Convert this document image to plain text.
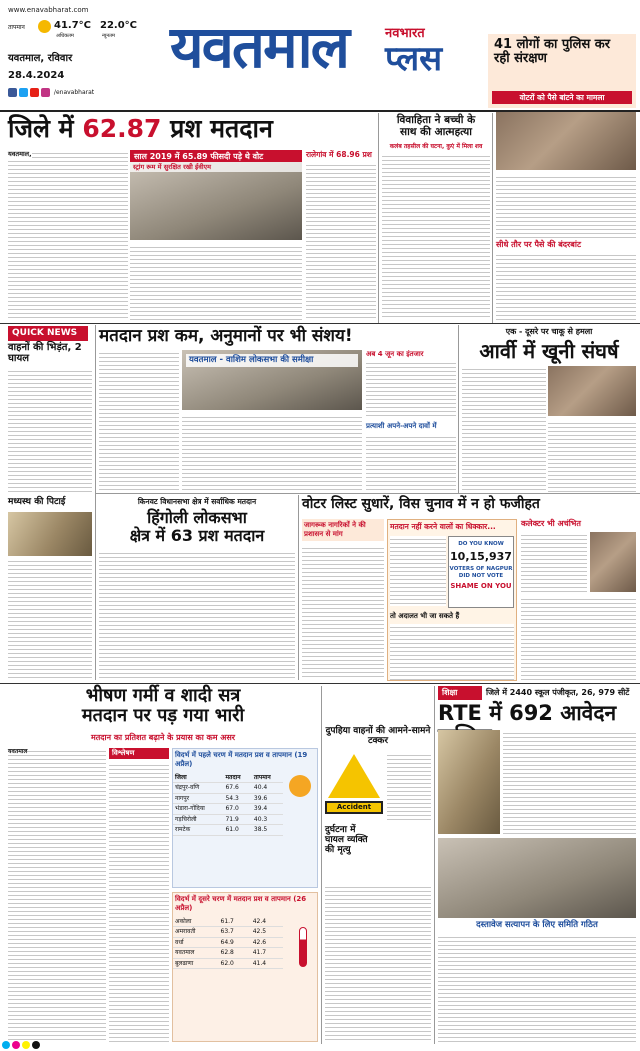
www.enavabharat.com
तापमान	41.7°C
अधिकतम
22.0°C
न्यूनतम
यवतमाल, रविवार
28.4.2024
/enavabharat
यवतमाल	नवभारत
प्लस	41 लोगों का पुलिस कर रही संरक्षण
वोटरों को पैसे बांटने का मामला
जिले में 62.87 प्रश मतदान
यवतमाल,	साल 2019 में 65.89 फीसदी पड़े थे वोट
स्ट्रांग रूम में सुरक्षित रखी ईवीएम
रालेगांव में 68.96 प्रश
विवाहिता ने बच्ची के
साथ की आत्महत्या
कलंब तहसील की घटना, कुएं में मिला शव
सीधे तौर पर पैसे की बंदरबांट
QUICK NEWS
वाहनों की भिड़ंत, 2 घायल
मध्यस्थ की पिटाई
मतदान प्रश कम, अनुमानों पर भी संशय!
यवतमाल - वाशिम लोकसभा की समीक्षा
अब 4 जून का इंतजार
प्रत्याशी अपने-अपने दावों में
एक - दूसरे पर चाकू से हमला
आर्वी में खूनी संघर्ष
किनवट विधानसभा क्षेत्र में सर्वाधिक मतदान
हिंगोली लोकसभा
क्षेत्र में 63 प्रश मतदान
वोटर लिस्ट सुधारें, विस चुनाव में न हो फजीहत
जागरूक नागरिकों ने की प्रशासन से मांग
मतदान नहीं करने वालों का धिक्कार...
DO YOU KNOW
10,15,937
VOTERS OF NAGPUR
DID NOT VOTE
SHAME ON YOU
तो अदालत भी जा सकते हैं
कलेक्टर भी अचंभित
भीषण गर्मी व शादी सत्र
मतदान पर पड़ गया भारी
मतदान का प्रतिशत बढ़ाने के प्रयास का कम असर
यवतमाल	विश्लेषण	विदर्भ में पहले चरण में मतदान प्रश व तापमान (19 अप्रैल)
जिला	मतदान	तापमान
चंद्रपुर-वणि	67.6	40.4
नागपुर	54.3	39.6
भंडारा-गोंदिया	67.0	39.4
गड़चिरोली	71.9	40.3
रामटेक	61.0	38.5
विदर्भ में दूसरे चरण में मतदान प्रश व तापमान (26 अप्रैल)
अकोला	61.7	42.4
अमरावती	63.7	42.5
वर्धा	64.9	42.6
यवतमाल	62.8	41.7
बुलढाणा	62.0	41.4
दुपहिया वाहनों की आमने-सामने टक्कर
Accident
दुर्घटना में घायल व्यक्ति की मृत्यु
शिक्षा	जिले में 2440 स्कूल पंजीकृत, 26, 979 सीटें
RTE में 692 आवेदन
दस्तावेज सत्यापन के लिए समिति गठित
